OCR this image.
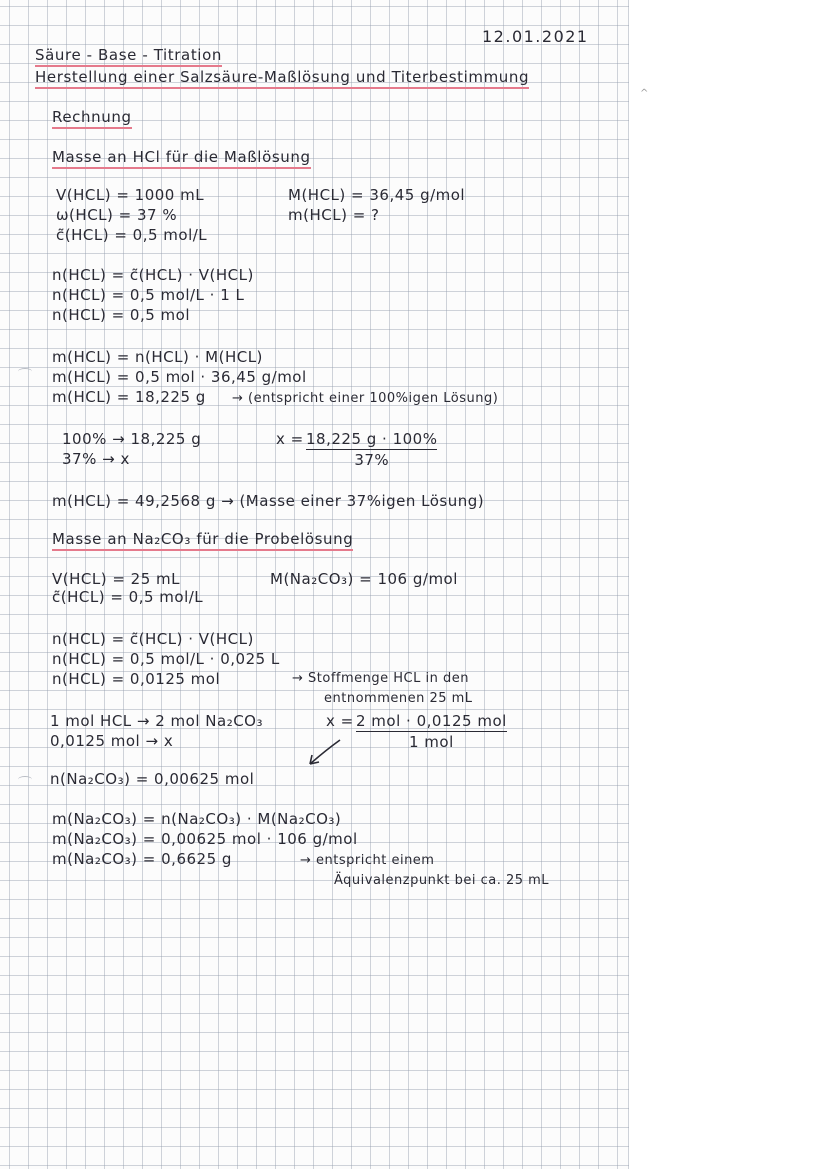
12.01.2021
Säure - Base - Titration
Herstellung einer Salzsäure-Maßlösung und Titerbestimmung
Rechnung
Masse an HCl für die Maßlösung
V(HCL) = 1000 mL
ω(HCL) = 37 %
c̃(HCL) = 0,5 mol/L
M(HCL) = 36,45 g/mol
m(HCL) = ?
n(HCL) = c̃(HCL) · V(HCL)
n(HCL) = 0,5 mol/L · 1 L
n(HCL) = 0,5 mol
m(HCL) = n(HCL) · M(HCL)
m(HCL) = 0,5 mol · 36,45 g/mol
m(HCL) = 18,225 g → (entspricht einer 100%igen Lösung)
100% → 18,225 g
37% → x
$x = \frac{18,225 g \cdot 100\%}{37\%}$
m(HCL) = 49,2568 g → (Masse einer 37%igen Lösung)
Masse an Na₂CO₃ für die Probelösung
V(HCL) = 25 mL
c̃(HCL) = 0,5 mol/L
M(Na₂CO₃) = 106 g/mol
n(HCL) = c̃(HCL) · V(HCL)
n(HCL) = 0,5 mol/L · 0,025 L
n(HCL) = 0,0125 mol	→ Stoffmenge HCL in den
entnommenen 25 mL
1 mol HCL → 2 mol Na₂CO₃
0,0125 mol → x
x = 2 mol · 0,0125 mol
1 mol
n(Na₂CO₃) = 0,00625 mol
m(Na₂CO₃) = n(Na₂CO₃) · M(Na₂CO₃)
m(Na₂CO₃) = 0,00625 mol · 106 g/mol
m(Na₂CO₃) = 0,6625 g	→ entspricht einem
Äquivalenzpunkt bei ca. 25 mL
^
